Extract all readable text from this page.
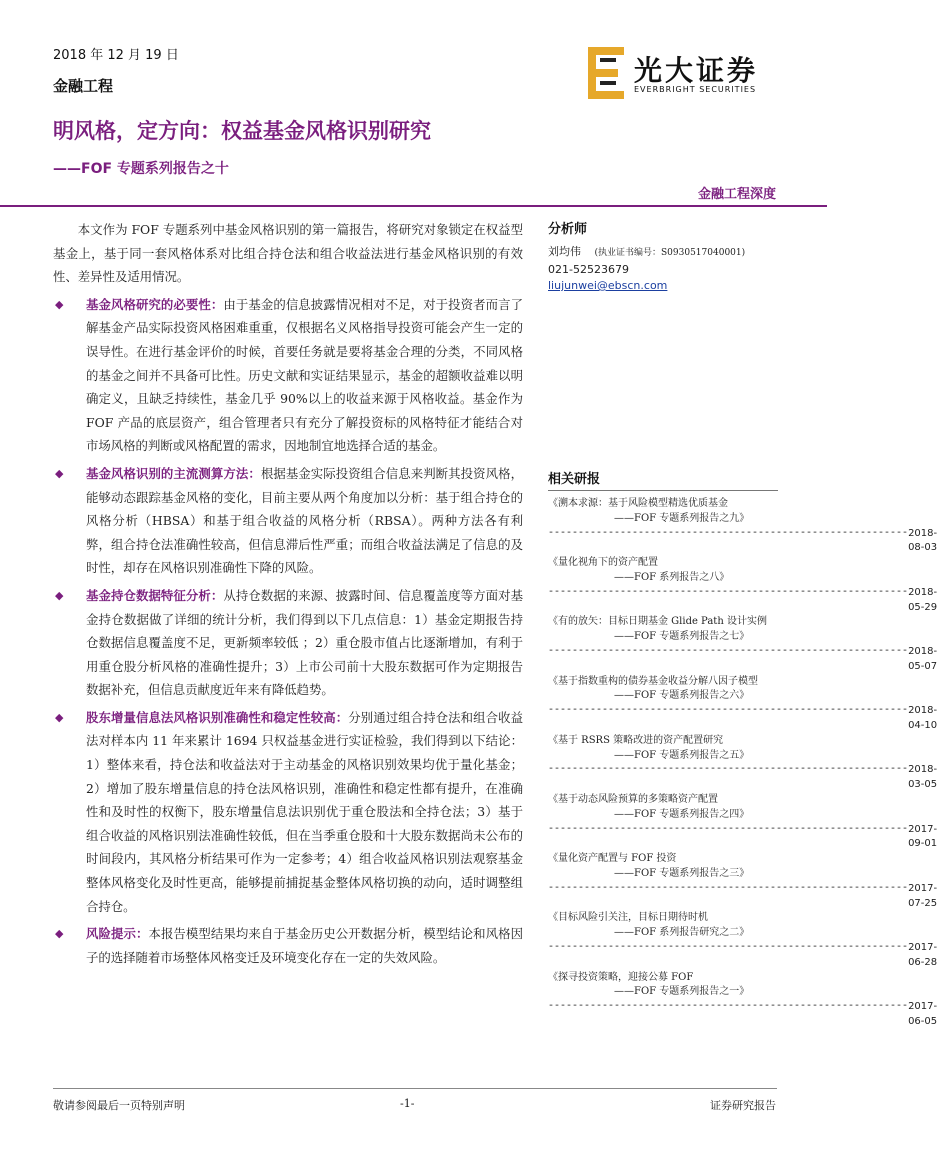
2018 年 12 月 19 日
金融工程	光大证券
EVERBRIGHT SECURITIES
明风格，定方向：权益基金风格识别研究
——FOF 专题系列报告之十
金融工程深度

本文作为 FOF 专题系列中基金风格识别的第一篇报告，将研究对象锁定在权益型基金上，基于同一套风格体系对比组合持仓法和组合收益法进行基金风格识别的有效性、差异性及适用情况。

◆ 基金风格研究的必要性：由于基金的信息披露情况相对不足，对于投资者而言了解基金产品实际投资风格困难重重，仅根据名义风格指导投资可能会产生一定的误导性。在进行基金评价的时候，首要任务就是要将基金合理的分类，不同风格的基金之间并不具备可比性。历史文献和实证结果显示，基金的超额收益难以明确定义，且缺乏持续性，基金几乎 90%以上的收益来源于风格收益。基金作为 FOF 产品的底层资产，组合管理者只有充分了解投资标的风格特征才能结合对市场风格的判断或风格配置的需求，因地制宜地选择合适的基金。
◆ 基金风格识别的主流测算方法：根据基金实际投资组合信息来判断其投资风格，能够动态跟踪基金风格的变化，目前主要从两个角度加以分析：基于组合持仓的风格分析（HBSA）和基于组合收益的风格分析（RBSA）。两种方法各有利弊，组合持仓法准确性较高，但信息滞后性严重；而组合收益法满足了信息的及时性，却存在风格识别准确性下降的风险。
◆ 基金持仓数据特征分析：从持仓数据的来源、披露时间、信息覆盖度等方面对基金持仓数据做了详细的统计分析，我们得到以下几点信息：1）基金定期报告持仓数据信息覆盖度不足，更新频率较低 ；2）重仓股市值占比逐渐增加，有利于用重仓股分析风格的准确性提升；3）上市公司前十大股东数据可作为定期报告数据补充，但信息贡献度近年来有降低趋势。
◆ 股东增量信息法风格识别准确性和稳定性较高：分别通过组合持仓法和组合收益法对样本内 11 年来累计 1694 只权益基金进行实证检验，我们得到以下结论：1）整体来看，持仓法和收益法对于主动基金的风格识别效果均优于量化基金；2）增加了股东增量信息的持仓法风格识别，准确性和稳定性都有提升，在准确性和及时性的权衡下，股东增量信息法识别优于重仓股法和全持仓法；3）基于组合收益的风格识别法准确性较低，但在当季重仓股和十大股东数据尚未公布的时间段内，其风格分析结果可作为一定参考；4）组合收益风格识别法观察基金整体风格变化及时性更高，能够提前捕捉基金整体风格切换的动向，适时调整组合持仓。
◆ 风险提示：本报告模型结果均来自于基金历史公开数据分析，模型结论和风格因子的选择随着市场整体风格变迁及环境变化存在一定的失效风险。
分析师
刘均伟 (执业证书编号：S0930517040001)
021-52523679
liujunwei@ebscn.com
相关研报
《溯本求源：基于风险模型精选优质基金
——FOF 专题系列报告之九》
------------------------------------------------------------ 2018-08-03
《量化视角下的资产配置
——FOF 系列报告之八》
------------------------------------------------------------ 2018-05-29
《有的放矢：目标日期基金 Glide Path 设计实例
——FOF 专题系列报告之七》
------------------------------------------------------------ 2018-05-07
《基于指数重构的债券基金收益分解八因子模型
——FOF 专题系列报告之六》
------------------------------------------------------------ 2018-04-10
《基于 RSRS 策略改进的资产配置研究
——FOF 专题系列报告之五》
------------------------------------------------------------ 2018-03-05
《基于动态风险预算的多策略资产配置
——FOF 专题系列报告之四》
------------------------------------------------------------ 2017-09-01
《量化资产配置与 FOF 投资
——FOF 专题系列报告之三》
------------------------------------------------------------ 2017-07-25
《目标风险引关注，目标日期待时机
——FOF 系列报告研究之二》
------------------------------------------------------------ 2017-06-28
《探寻投资策略，迎接公募 FOF
——FOF 专题系列报告之一》
------------------------------------------------------------ 2017-06-05
敬请参阅最后一页特别声明	-1-	证券研究报告
